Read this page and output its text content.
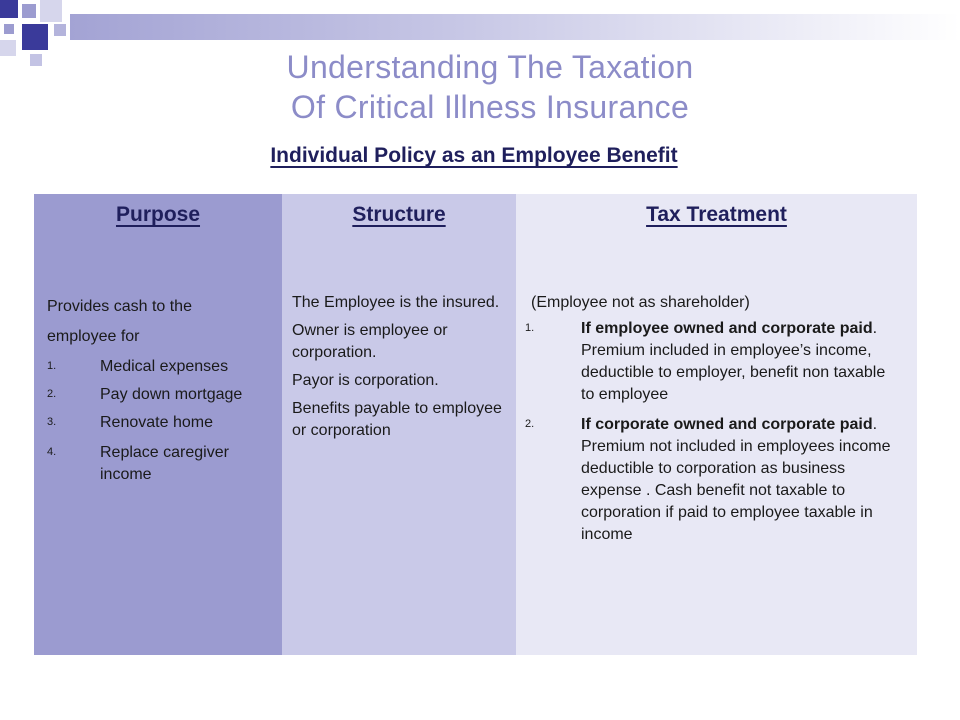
Understanding The Taxation
Of Critical Illness Insurance
Individual Policy as an Employee Benefit
Purpose
Provides cash to the
employee for
1.	Medical expenses
2.	Pay down mortgage
3.	Renovate home
4.	Replace caregiver income
Structure
The Employee is the insured.
Owner is employee or corporation.
Payor is corporation.
Benefits payable to employee or corporation
Tax Treatment
(Employee not as shareholder)
1.	If employee owned and corporate paid. Premium included in employee’s income, deductible to employer, benefit non taxable to employee
2.	If corporate owned and corporate paid. Premium not included in employees income deductible to corporation as business expense . Cash benefit not taxable to corporation if paid to employee taxable in income
